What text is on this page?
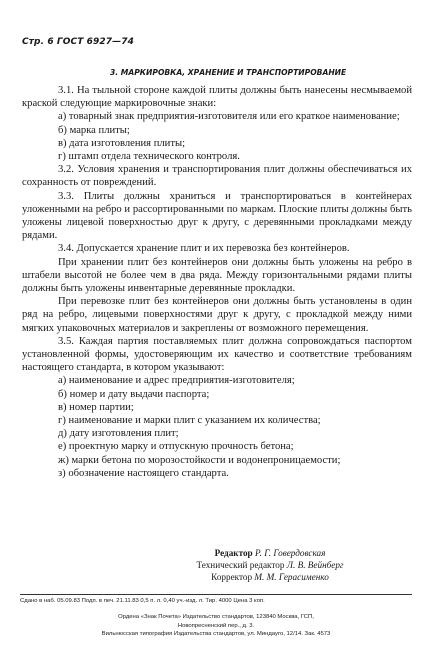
Стр. 6 ГОСТ 6927—74
3. МАРКИРОВКА, ХРАНЕНИЕ И ТРАНСПОРТИРОВАНИЕ

3.1. На тыльной стороне каждой плиты должны быть нанесены несмываемой краской следующие маркировочные знаки:

а) товарный знак предприятия-изготовителя или его краткое наименование;

б) марка плиты;

в) дата изготовления плиты;

г) штамп отдела технического контроля.

3.2. Условия хранения и транспортирования плит должны обеспечиваться их сохранность от повреждений.

3.3. Плиты должны храниться и транспортироваться в контейнерах уложенными на ребро и рассортированными по маркам. Плоские плиты должны быть уложены лицевой поверхностью друг к другу, с деревянными прокладками между рядами.

3.4. Допускается хранение плит и их перевозка без контейнеров.

При хранении плит без контейнеров они должны быть уложены на ребро в штабели высотой не более чем в два ряда. Между горизонтальными рядами плиты должны быть уложены инвентарные деревянные прокладки.

При перевозке плит без контейнеров они должны быть установлены в один ряд на ребро, лицевыми поверхностями друг к другу, с прокладкой между ними мягких упаковочных материалов и закреплены от возможного перемещения.

3.5. Каждая партия поставляемых плит должна сопровождаться паспортом установленной формы, удостоверяющим их качество и соответствие требованиям настоящего стандарта, в котором указывают:

а) наименование и адрес предприятия-изготовителя;

б) номер и дату выдачи паспорта;

в) номер партии;

г) наименование и марки плит с указанием их количества;

д) дату изготовления плит;

е) проектную марку и отпускную прочность бетона;

ж) марки бетона по морозостойкости и водонепроницаемости;

з) обозначение настоящего стандарта.

Редактор Р. Г. Говердовская
Технический редактор Л. В. Вейнберг
Корректор М. М. Герасименко
Сдано в наб. 05.09.83 Подп. в печ. 21.11.83 0,5 п. л. 0,40 уч.-изд. л. Тир. 4000 Цена 3 коп.
Ордена «Знак Почета» Издательство стандартов, 123840 Москва, ГСП,
Новопресненский пер., д. 3.
Вильнюсская типография Издательства стандартов, ул. Миндауго, 12/14. Зак. 4573
